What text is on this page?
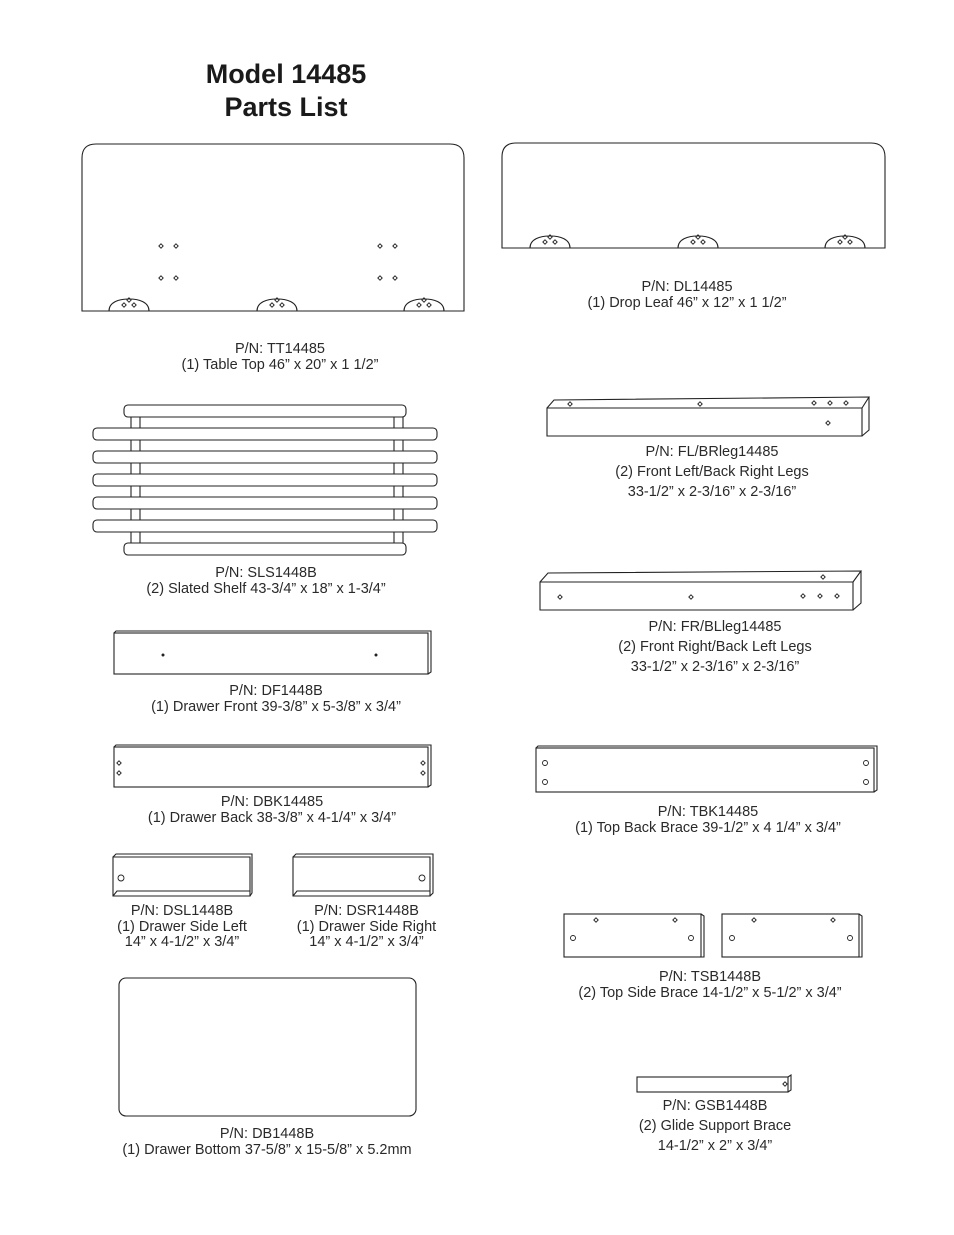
Model 14485
Parts List
P/N: TT14485
(1) Table Top 46” x 20” x 1 1/2”
P/N: DL14485
(1) Drop Leaf 46” x 12” x 1 1/2”
P/N: SLS1448B
(2) Slated Shelf 43-3/4” x 18” x 1-3/4”
P/N: FL/BRleg14485
(2) Front Left/Back Right Legs
33-1/2” x 2-3/16” x 2-3/16”
P/N: FR/BLleg14485
(2) Front Right/Back Left Legs
33-1/2” x 2-3/16” x 2-3/16”
P/N: DF1448B
(1) Drawer Front 39-3/8” x 5-3/8” x 3/4”
P/N: DBK14485
(1) Drawer Back 38-3/8” x 4-1/4” x 3/4”	P/N: TBK14485
(1) Top Back Brace 39-1/2” x 4 1/4” x 3/4”
P/N: DSL1448B
(1) Drawer Side Left
14” x 4-1/2” x 3/4”
P/N: DSR1448B
(1) Drawer Side Right
14” x 4-1/2” x 3/4”
P/N: TSB1448B
(2) Top Side Brace 14-1/2” x 5-1/2” x 3/4”
P/N: DB1448B
(1) Drawer Bottom 37-5/8” x 15-5/8” x 5.2mm
P/N: GSB1448B
(2) Glide Support Brace
14-1/2” x 2” x 3/4”
